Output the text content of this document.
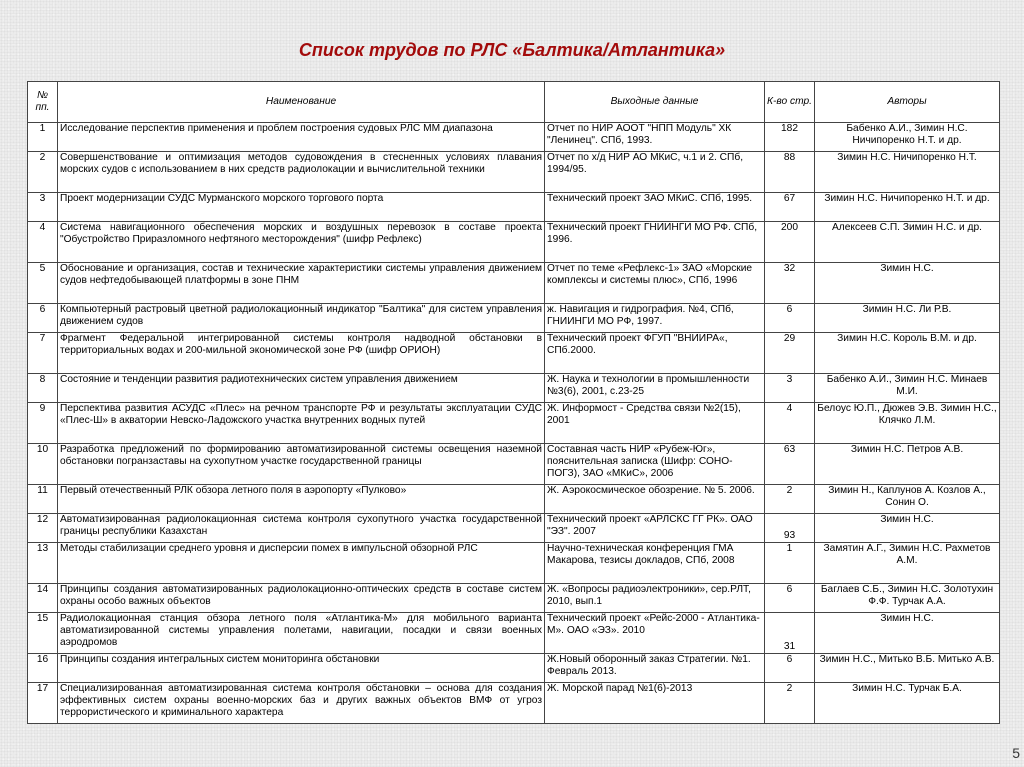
Список трудов по РЛС «Балтика/Атлантика»
№ пп.	Наименование	Выходные данные	К-во стр.	Авторы
1	Исследование перспектив применения и проблем построения судовых РЛС ММ диапазона	Отчет по НИР АООТ "НПП Модуль" ХК "Ленинец". СПб, 1993.	182	Бабенко А.И., Зимин Н.С. Ничипоренко Н.Т. и др.
2	Совершенствование и оптимизация методов судовождения в стесненных условиях плавания морских судов с использованием в них средств радиолокации и вычислительной техники	Отчет по х/д НИР АО МКиС, ч.1 и 2. СПб, 1994/95.	88	Зимин Н.С. Ничипоренко Н.Т.
3	Проект модернизации СУДС Мурманского морского торгового порта	Технический проект ЗАО МКиС. СПб, 1995.	67	Зимин Н.С. Ничипоренко Н.Т. и др.
4	Система навигационного обеспечения морских и воздушных перевозок в составе проекта "Обустройство Приразломного нефтяного месторождения" (шифр Рефлекс)	Технический проект ГНИИНГИ МО РФ. СПб, 1996.	200	Алексеев С.П. Зимин Н.С. и др.
5	Обоснование и организация, состав и технические характеристики системы управления движением судов нефтедобывающей платформы в зоне ПНМ	Отчет по теме «Рефлекс-1» ЗАО «Морские комплексы и системы плюс», СПб, 1996	32	Зимин Н.С.
6	Компьютерный растровый цветной радиолокационный индикатор "Балтика" для систем управления движением судов	ж. Навигация и гидрография. №4, СПб, ГНИИНГИ МО РФ, 1997.	6	Зимин Н.С. Ли Р.В.
7	Фрагмент Федеральной интегрированной системы контроля надводной обстановки в территориальных водах и 200-мильной экономической зоне РФ (шифр ОРИОН)	Технический проект ФГУП "ВНИИРА«, СПб.2000.	29	Зимин Н.С. Король В.М. и др.
8	Состояние и тенденции развития радиотехнических систем управления движением	Ж. Наука и технологии в промышленности №3(6), 2001, с.23-25	3	Бабенко А.И., Зимин Н.С. Минаев М.И.
9	Перспектива развития АСУДС «Плес» на речном транспорте РФ и результаты эксплуатации СУДС «Плес-Ш» в акватории Невско-Ладожского участка внутренних водных путей	Ж. Информост - Средства связи №2(15), 2001	4	Белоус Ю.П., Дюжев Э.В. Зимин Н.С., Клячко Л.М.
10	Разработка предложений по формированию автоматизированной системы освещения наземной обстановки погранзаставы на сухопутном участке государственной границы	Составная часть НИР «Рубеж-Юг», пояснительная записка (Шифр: СОНО-ПОГЗ), ЗАО «МКиС», 2006	63	Зимин Н.С. Петров А.В.
11	Первый отечественный РЛК обзора летного поля в аэропорту «Пулково»	Ж. Аэрокосмическое обозрение. № 5. 2006.	2	Зимин Н., Каплунов А. Козлов А., Сонин О.
12	Автоматизированная радиолокационная система контроля сухопутного участка государственной границы республики Казахстан	Технический проект «АРЛСКС ГГ РК». ОАО "ЭЗ". 2007	93	Зимин Н.С.
13	Методы стабилизации среднего уровня и дисперсии помех в импульсной обзорной РЛС	Научно-техническая конференция ГМА Макарова, тезисы докладов, СПб, 2008	1	Замятин А.Г., Зимин Н.С. Рахметов А.М.
14	Принципы создания автоматизированных радиолокационно-оптических средств в составе систем охраны особо важных объектов	Ж. «Вопросы радиоэлектроники», сер.РЛТ, 2010, вып.1	6	Баглаев С.Б., Зимин Н.С. Золотухин Ф.Ф. Турчак А.А.
15	Радиолокационная станция обзора летного поля «Атлантика-М» для мобильного варианта автоматизированной системы управления полетами, навигации, посадки и связи военных аэродромов	Технический проект «Рейс-2000 - Атлантика-М». ОАО «ЭЗ». 2010	31	Зимин Н.С.
16	Принципы создания интегральных систем мониторинга обстановки	Ж.Новый оборонный заказ Стратегии. №1. Февраль 2013.	6	Зимин Н.С., Митько В.Б. Митько А.В.
17	Специализированная автоматизированная система контроля обстановки – основа для создания эффективных систем охраны военно-морских баз и других важных объектов ВМФ от угроз террористического и криминального характера	Ж. Морской парад №1(6)-2013	2	Зимин Н.С. Турчак Б.А.
5
